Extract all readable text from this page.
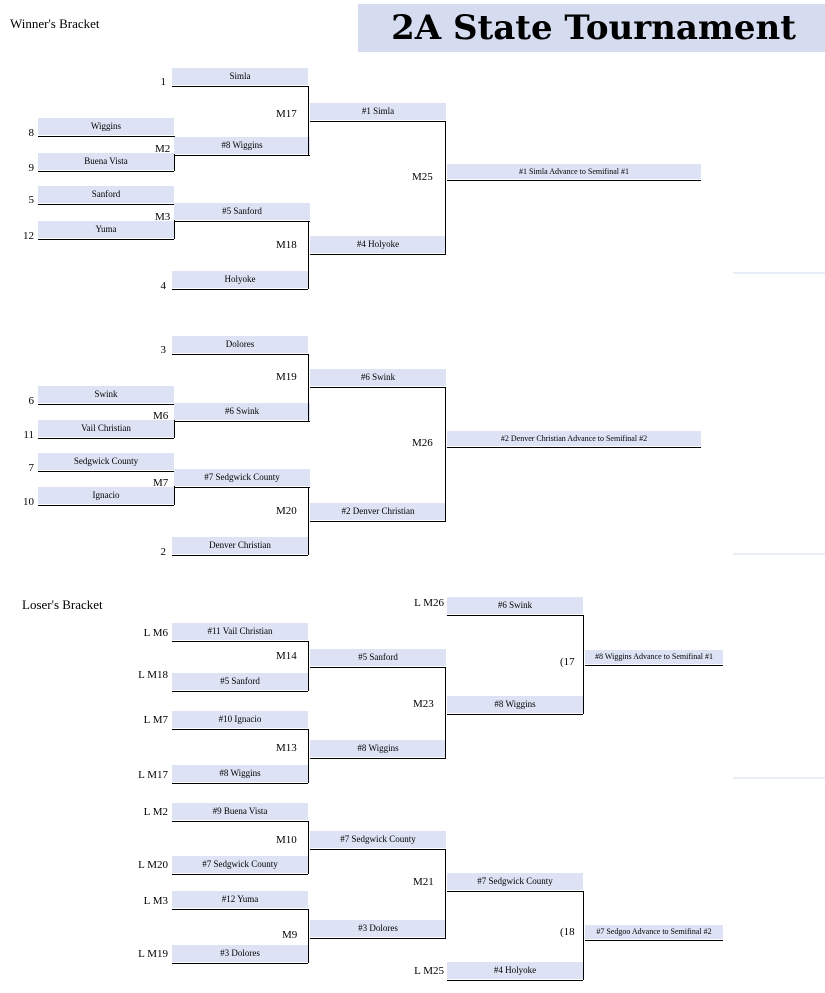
2A State Tournament
Winner's Bracket
Loser's Bracket
Simla
1
Wiggins
8
Buena Vista
9
M2	#8 Wiggins
M17	#1 Simla
Sanford
5
Yuma
12
M3	#5 Sanford
Holyoke
4
M18	#4 Holyoke
M25	#1 Simla Advance to Semifinal #1
Dolores
3
Swink
6
Vail Christian
11
M6	#6 Swink
M19	#6 Swink
Sedgwick County
7
Ignacio
10
M7	#7 Sedgwick County
Denver Christian
2
M20	#2 Denver Christian
M26	#2 Denver Christian Advance to Semifinal #2
#6 Swink
L M26
#11 Vail Christian
L M6
#5 Sanford
L M18
M14	#5 Sanford
#10 Ignacio
L M7
#8 Wiggins
L M17
M13	#8 Wiggins
M23	#8 Wiggins
(17	#8 Wiggins Advance to Semifinal #1
#9 Buena Vista
L M2
#7 Sedgwick County
L M20
M10	#7 Sedgwick County
#12 Yuma
L M3
#3 Dolores
L M19
M9
#3 Dolores
M21	#7 Sedgwick County
#4 Holyoke
L M25
(18	#7 Sedgoo Advance to Semifinal #2
